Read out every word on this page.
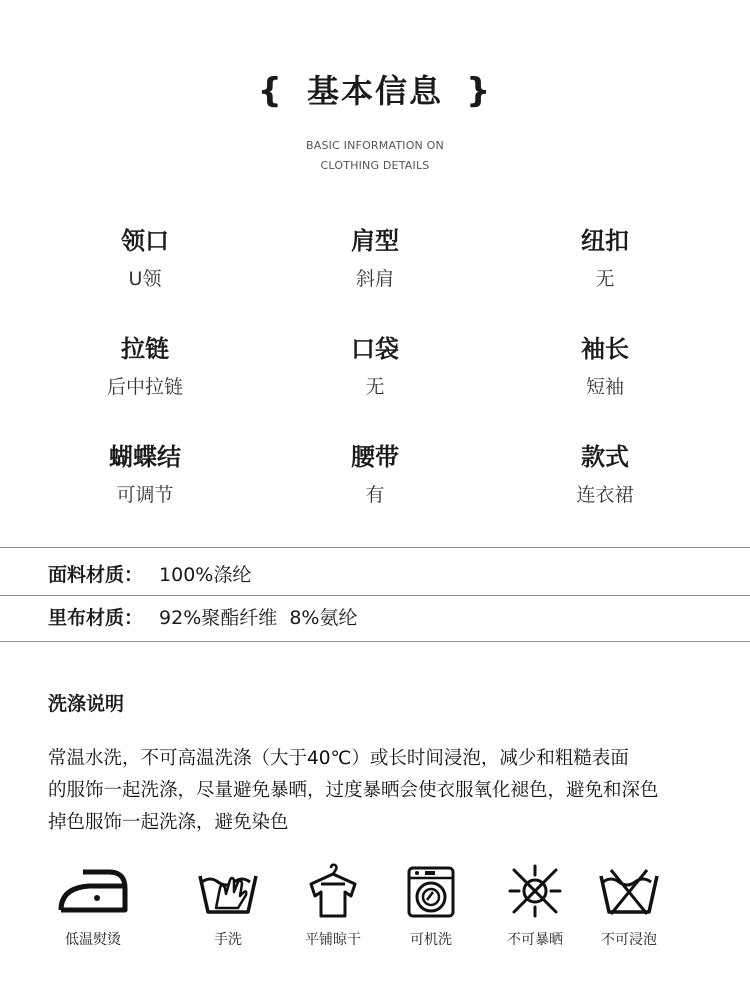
{ 基本信息 }
BASIC INFORMATION ON
CLOTHING DETAILS
领口
U领
肩型
斜肩
纽扣
无
拉链
后中拉链
口袋
无
袖长
短袖
蝴蝶结
可调节
腰带
有
款式
连衣裙
面料材质： 100%涤纶
里布材质： 92%聚酯纤维  8%氨纶
洗涤说明
常温水洗，不可高温洗涤（大于40℃）或长时间浸泡，减少和粗糙表面
的服饰一起洗涤，尽量避免暴晒，过度暴晒会使衣服氧化褪色，避免和深色
掉色服饰一起洗涤，避免染色
低温熨烫	手洗	平铺晾干	可机洗	不可暴晒	不可浸泡
